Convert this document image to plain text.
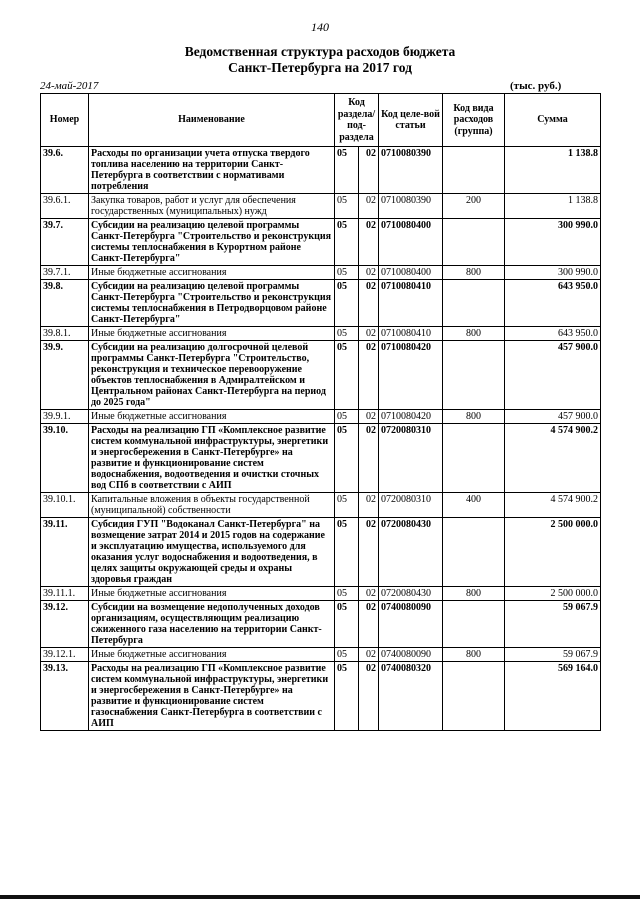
140
Ведомственная структура расходов бюджета
Санкт-Петербурга на 2017 год
24-май-2017	(тыс. руб.)
Номер	Наименование	Код раздела/ под-раздела		Код целе-вой статьи	Код вида расходов (группа)	Сумма
39.6.	Расходы по организации учета отпуска твердого топлива населению на территории Санкт-Петербурга в соответствии с нормативами потребления	05	02	0710080390		1 138.8
39.6.1.	Закупка товаров, работ и услуг для обеспечения государственных (муниципальных) нужд	05	02	0710080390	200	1 138.8
39.7.	Субсидии на реализацию целевой программы Санкт-Петербурга "Строительство и реконструкция системы теплоснабжения в Курортном районе Санкт-Петербурга"	05	02	0710080400		300 990.0
39.7.1.	Иные бюджетные ассигнования	05	02	0710080400	800	300 990.0
39.8.	Субсидии на реализацию целевой программы Санкт-Петербурга "Строительство и реконструкция системы теплоснабжения в Петродворцовом районе Санкт-Петербурга"	05	02	0710080410		643 950.0
39.8.1.	Иные бюджетные ассигнования	05	02	0710080410	800	643 950.0
39.9.	Субсидии на реализацию долгосрочной целевой программы Санкт-Петербурга "Строительство, реконструкция и техническое перевооружение объектов теплоснабжения в Адмиралтейском и Центральном районах Санкт-Петербурга на период до 2025 года"	05	02	0710080420		457 900.0
39.9.1.	Иные бюджетные ассигнования	05	02	0710080420	800	457 900.0
39.10.	Расходы на реализацию ГП «Комплексное развитие систем коммунальной инфраструктуры, энергетики и энергосбережения в Санкт-Петербурге» на развитие и функционирование систем водоснабжения, водоотведения и очистки сточных вод СПб в соответствии с АИП	05	02	0720080310		4 574 900.2
39.10.1.	Капитальные вложения в объекты государственной (муниципальной) собственности	05	02	0720080310	400	4 574 900.2
39.11.	Субсидия ГУП "Водоканал Санкт-Петербурга" на возмещение затрат 2014 и 2015 годов на содержание и эксплуатацию имущества, используемого для оказания услуг водоснабжения и водоотведения, в целях защиты окружающей среды и охраны здоровья граждан	05	02	0720080430		2 500 000.0
39.11.1.	Иные бюджетные ассигнования	05	02	0720080430	800	2 500 000.0
39.12.	Субсидии на возмещение недополученных доходов организациям, осуществляющим реализацию сжиженного газа населению на территории Санкт-Петербурга	05	02	0740080090		59 067.9
39.12.1.	Иные бюджетные ассигнования	05	02	0740080090	800	59 067.9
39.13.	Расходы на реализацию ГП «Комплексное развитие систем коммунальной инфраструктуры, энергетики и энергосбережения в Санкт-Петербурге» на развитие и функционирование систем газоснабжения Санкт-Петербурга в соответствии с АИП	05	02	0740080320		569 164.0
